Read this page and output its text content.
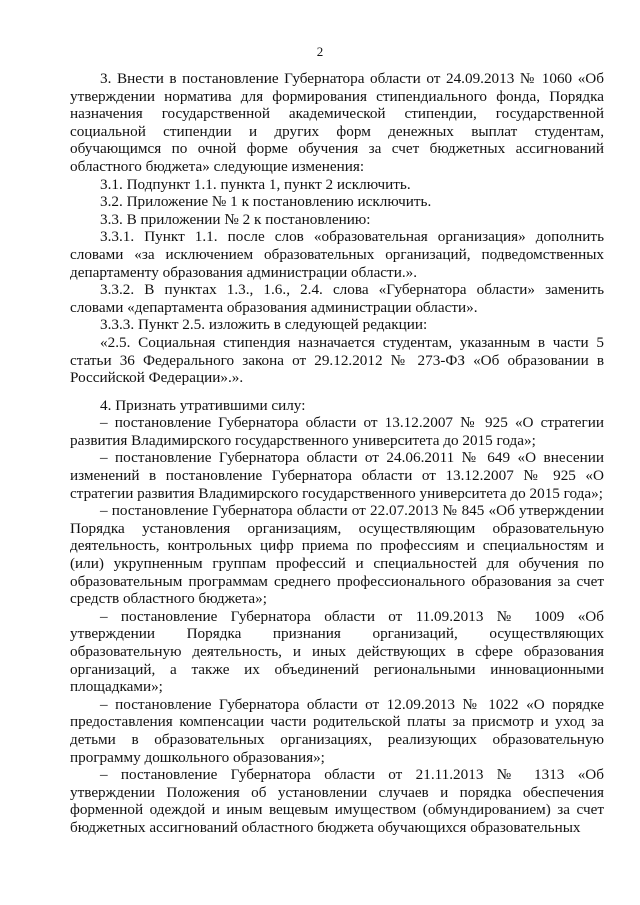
2

3. Внести в постановление Губернатора области от 24.09.2013 № 1060 «Об утверждении норматива для формирования стипендиального фонда, Порядка назначения государственной академической стипендии, государственной социальной стипендии и других форм денежных выплат студентам, обучающимся по очной форме обучения за счет бюджетных ассигнований областного бюджета» следующие изменения:

3.1. Подпункт 1.1. пункта 1, пункт 2 исключить.

3.2. Приложение № 1 к постановлению исключить.

3.3. В приложении № 2 к постановлению:

3.3.1. Пункт 1.1. после слов «образовательная организация» дополнить словами «за исключением образовательных организаций, подведомственных департаменту образования администрации области.».

3.3.2. В пунктах 1.3., 1.6., 2.4. слова «Губернатора области» заменить словами «департамента образования администрации области».

3.3.3. Пункт 2.5. изложить в следующей редакции:

«2.5. Социальная стипендия назначается студентам, указанным в части 5 статьи 36 Федерального закона от 29.12.2012 № 273-ФЗ «Об образовании в Российской Федерации».».

4. Признать утратившими силу:

– постановление Губернатора области от 13.12.2007 № 925 «О стратегии развития Владимирского государственного университета до 2015 года»;

– постановление Губернатора области от 24.06.2011 № 649 «О внесении изменений в постановление Губернатора области от 13.12.2007 № 925 «О стратегии развития Владимирского государственного университета до 2015 года»;

– постановление Губернатора области от 22.07.2013 № 845 «Об утверждении Порядка установления организациям, осуществляющим образовательную деятельность, контрольных цифр приема по профессиям и специальностям и (или) укрупненным группам профессий и специальностей для обучения по образовательным программам среднего профессионального образования за счет средств областного бюджета»;

– постановление Губернатора области от 11.09.2013 № 1009 «Об утверждении Порядка признания организаций, осуществляющих образовательную деятельность, и иных действующих в сфере образования организаций, а также их объединений региональными инновационными площадками»;

– постановление Губернатора области от 12.09.2013 № 1022 «О порядке предоставления компенсации части родительской платы за присмотр и уход за детьми в образовательных организациях, реализующих образовательную программу дошкольного образования»;

– постановление Губернатора области от 21.11.2013 № 1313 «Об утверждении Положения об установлении случаев и порядка обеспечения форменной одеждой и иным вещевым имуществом (обмундированием) за счет бюджетных ассигнований областного бюджета обучающихся образовательных
